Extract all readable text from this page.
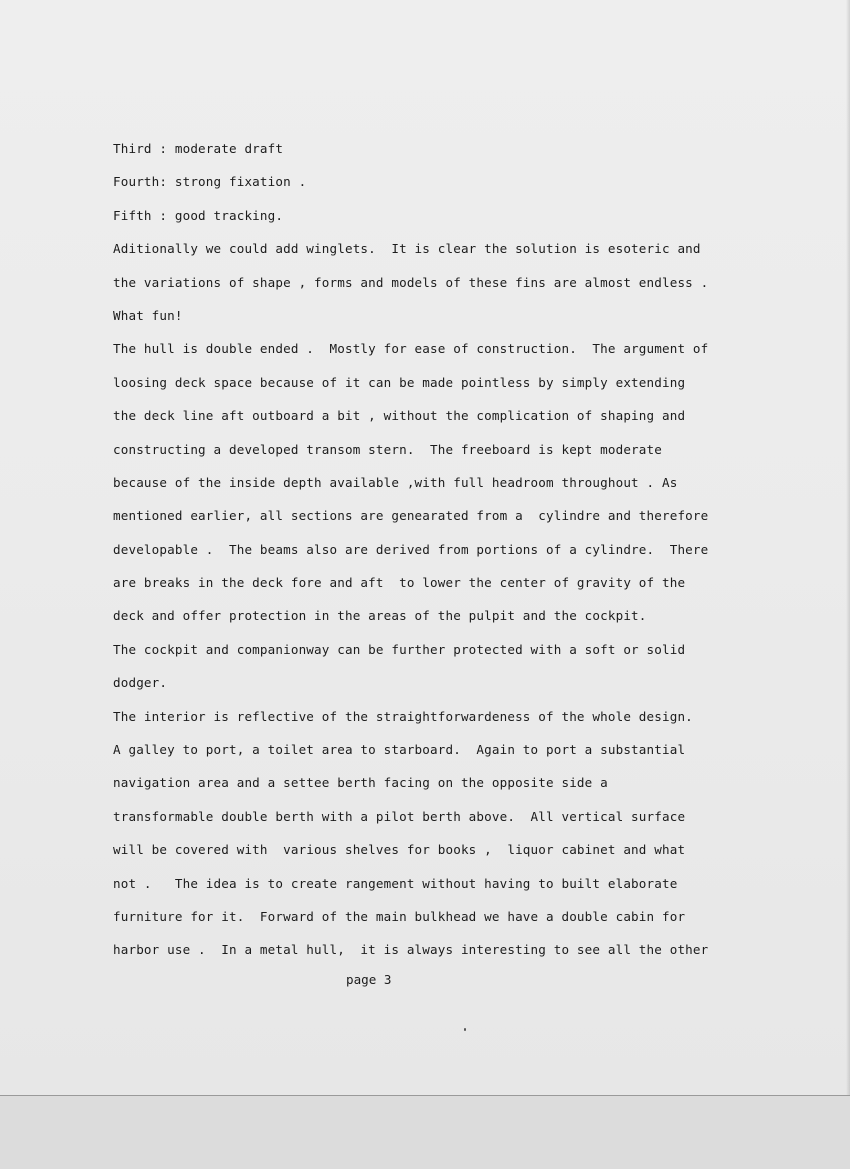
Third : moderate draft
Fourth: strong fixation .
Fifth : good tracking.
Aditionally we could add winglets.  It is clear the solution is esoteric and
the variations of shape , forms and models of these fins are almost endless .
What fun!
The hull is double ended .  Mostly for ease of construction.  The argument of
loosing deck space because of it can be made pointless by simply extending
the deck line aft outboard a bit , without the complication of shaping and
constructing a developed transom stern.  The freeboard is kept moderate
because of the inside depth available ,with full headroom throughout . As
mentioned earlier, all sections are genearated from a  cylindre and therefore
developable .  The beams also are derived from portions of a cylindre.  There
are breaks in the deck fore and aft  to lower the center of gravity of the
deck and offer protection in the areas of the pulpit and the cockpit.
The cockpit and companionway can be further protected with a soft or solid
dodger.
The interior is reflective of the straightforwardeness of the whole design.
A galley to port, a toilet area to starboard.  Again to port a substantial
navigation area and a settee berth facing on the opposite side a
transformable double berth with a pilot berth above.  All vertical surface
will be covered with  various shelves for books ,  liquor cabinet and what
not .   The idea is to create rangement without having to built elaborate
furniture for it.  Forward of the main bulkhead we have a double cabin for
harbor use .  In a metal hull,  it is always interesting to see all the other
page 3
